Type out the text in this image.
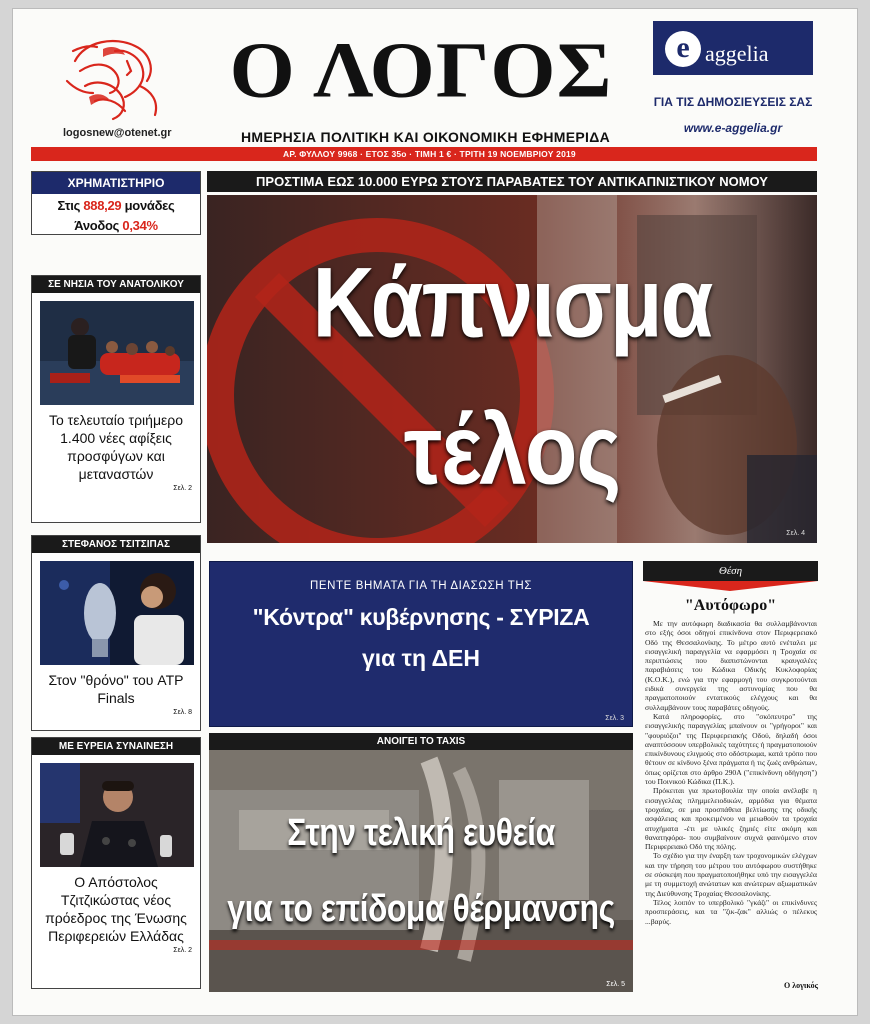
logosnew@otenet.gr
Ο ΛΟΓΟΣ
ΗΜΕΡΗΣΙΑ ΠΟΛΙΤΙΚΗ ΚΑΙ ΟΙΚΟΝΟΜΙΚΗ ΕΦΗΜΕΡΙΔΑ
e aggelia
ΓΙΑ ΤΙΣ ΔΗΜΟΣΙΕΥΣΕΙΣ ΣΑΣ
www.e-aggelia.gr
ΑΡ. ΦΥΛΛΟΥ 9968 · ΕΤΟΣ 35ο · ΤΙΜΗ 1 € · ΤΡΙΤΗ 19 ΝΟΕΜΒΡΙΟΥ 2019
ΧΡΗΜΑΤΙΣΤΗΡΙΟ
Στις 888,29 μονάδες
Άνοδος 0,34%
ΣΕ ΝΗΣΙΑ ΤΟΥ ΑΝΑΤΟΛΙΚΟΥ
Το τελευταίο τριήμερο 1.400 νέες αφίξεις προσφύγων και μεταναστών
Σελ. 2
ΣΤΕΦΑΝΟΣ ΤΣΙΤΣΙΠΑΣ
Στον "θρόνο" του ATP Finals
Σελ. 8
ΜΕ ΕΥΡΕΙΑ ΣΥΝΑΙΝΕΣΗ
Ο Απόστολος Τζιτζικώστας νέος πρόεδρος της Ένωσης Περιφερειών Ελλάδας
Σελ. 2
ΠΡΟΣΤΙΜΑ ΕΩΣ 10.000 ΕΥΡΩ ΣΤΟΥΣ ΠΑΡΑΒΑΤΕΣ ΤΟΥ ΑΝΤΙΚΑΠΝΙΣΤΙΚΟΥ ΝΟΜΟΥ
Κάπνισμα
τέλος
Σελ. 4
ΠΕΝΤΕ ΒΗΜΑΤΑ ΓΙΑ ΤΗ ΔΙΑΣΩΣΗ ΤΗΣ
"Κόντρα" κυβέρνησης - ΣΥΡΙΖΑ
για τη ΔΕΗ
Σελ. 3
ΑΝΟΙΓΕΙ ΤΟ TAXIS
Στην τελική ευθεία
για το επίδομα θέρμανσης
Σελ. 5
Θέση
"Αυτόφωρο"

Με την αυτόφωρη διαδικασία θα συλλαμβάνονται στο εξής όσοι οδηγοί επικίνδυνα στον Περιφερειακό Οδό της Θεσσαλονίκης. Το μέτρο αυτό ενέταλει με εισαγγελική παραγγελία να εφαρμόσει η Τροχαία σε περιπτώσεις που διαπιστώνονται κραυγαλέες παραβιάσεις του Κώδικα Οδικής Κυκλοφορίας (Κ.Ο.Κ.), ενώ για την εφαρμογή του συγκροτούνται ειδικά συνεργεία της αστυνομίας που θα πραγματοποιούν εντατικούς ελέγχους και θα συλλαμβάνουν τους παραβάτες οδηγούς.

Κατά πληροφορίες, στο "σκόπευτρο" της εισαγγελικής παραγγελίας μπαίνουν οι "γρήγοροι" και "φουριόζοι" της Περιφερειακής Οδού, δηλαδή όσοι αναπτύσσουν υπερβολικές ταχύτητες ή πραγματοποιούν επικίνδυνους ελιγμούς στο οδόστρωμα, κατά τρόπο που θέτουν σε κίνδυνο ξένα πράγματα ή τις ζωές ανθρώπων, όπως ορίζεται στο άρθρο 290Α ("επικίνδυνη οδήγηση") του Ποινικού Κώδικα (Π.Κ.).

Πρόκειται για πρωτοβουλία την οποία ανέλαβε η εισαγγελέας πλημμελειοδικών, αρμόδια για θέματα τροχαίας, σε μια προσπάθεια βελτίωσης της οδικής ασφάλειας και προκειμένου να μειωθούν τα τροχαία ατυχήματα -έτι με υλικές ζημιές είτε ακόμη και θανατηφόρα- που συμβαίνουν συχνά φαινόμενο στον Περιφερειακό Οδό της πόλης.

Το σχέδιο για την έναρξη των τροχονομικών ελέγχων και την τήρηση του μέτρου του αυτόφωρου συστήθηκε σε σύσκεψη που πραγματοποιήθηκε υπό την εισαγγελέα με τη συμμετοχή ανώτατων και ανώτερων αξιωματικών της Διεύθυνσης Τροχαίας Θεσσαλονίκης.

Τέλος λοιπόν το υπερβολικό "γκάζι" οι επικίνδυνες προσπεράσεις, και τα "ζικ-ζακ" αλλιώς ο πέλεκυς ...βαρύς.

Ο λογικός
